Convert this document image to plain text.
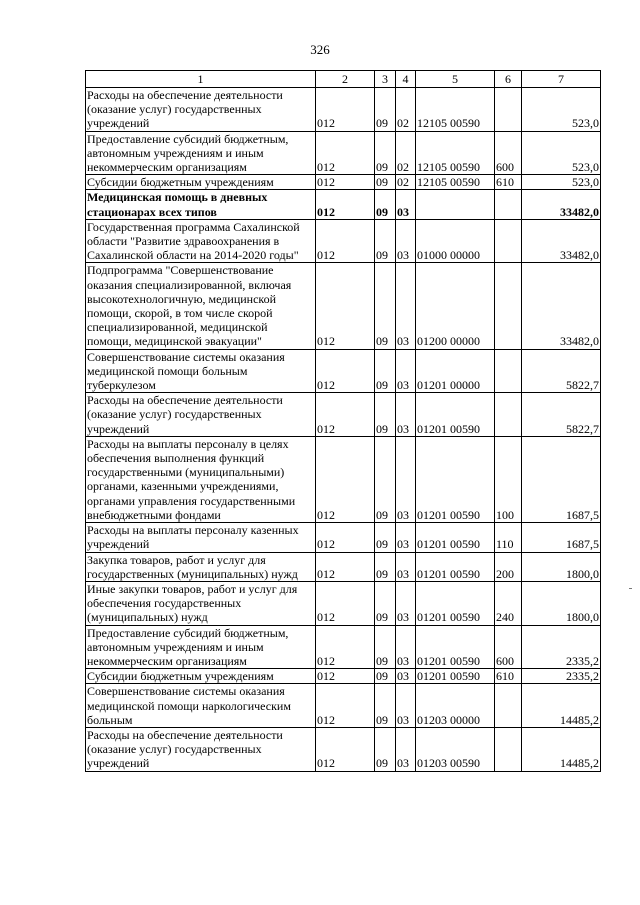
326
1	2	3	4	5	6	7
Расходы на обеспечение деятельности (оказание услуг) государственных учреждений	012	09	02	12105 00590		523,0
Предоставление субсидий бюджетным, автономным учреждениям и иным некоммерческим организациям	012	09	02	12105 00590	600	523,0
Субсидии бюджетным учреждениям	012	09	02	12105 00590	610	523,0
Медицинская помощь в дневных стационарах всех типов	012	09	03			33482,0
Государственная программа Сахалинской области "Развитие здравоохранения в Сахалинской области на 2014-2020 годы"	012	09	03	01000 00000		33482,0
Подпрограмма "Совершенствование оказания специализированной, включая высокотехнологичную, медицинской помощи, скорой, в том числе скорой специализированной, медицинской помощи, медицинской эвакуации"	012	09	03	01200 00000		33482,0
Совершенствование системы оказания медицинской помощи больным туберкулезом	012	09	03	01201 00000		5822,7
Расходы на обеспечение деятельности (оказание услуг) государственных учреждений	012	09	03	01201 00590		5822,7
Расходы на выплаты персоналу в целях обеспечения выполнения функций государственными (муниципальными) органами, казенными учреждениями, органами управления государственными внебюджетными фондами	012	09	03	01201 00590	100	1687,5
Расходы на выплаты персоналу казенных учреждений	012	09	03	01201 00590	110	1687,5
Закупка товаров, работ и услуг для государственных (муниципальных) нужд	012	09	03	01201 00590	200	1800,0
Иные закупки товаров, работ и услуг для обеспечения государственных (муниципальных) нужд	012	09	03	01201 00590	240	1800,0
Предоставление субсидий бюджетным, автономным учреждениям и иным некоммерческим организациям	012	09	03	01201 00590	600	2335,2
Субсидии бюджетным учреждениям	012	09	03	01201 00590	610	2335,2
Совершенствование системы оказания медицинской помощи наркологическим больным	012	09	03	01203 00000		14485,2
Расходы на обеспечение деятельности (оказание услуг) государственных учреждений	012	09	03	01203 00590		14485,2
